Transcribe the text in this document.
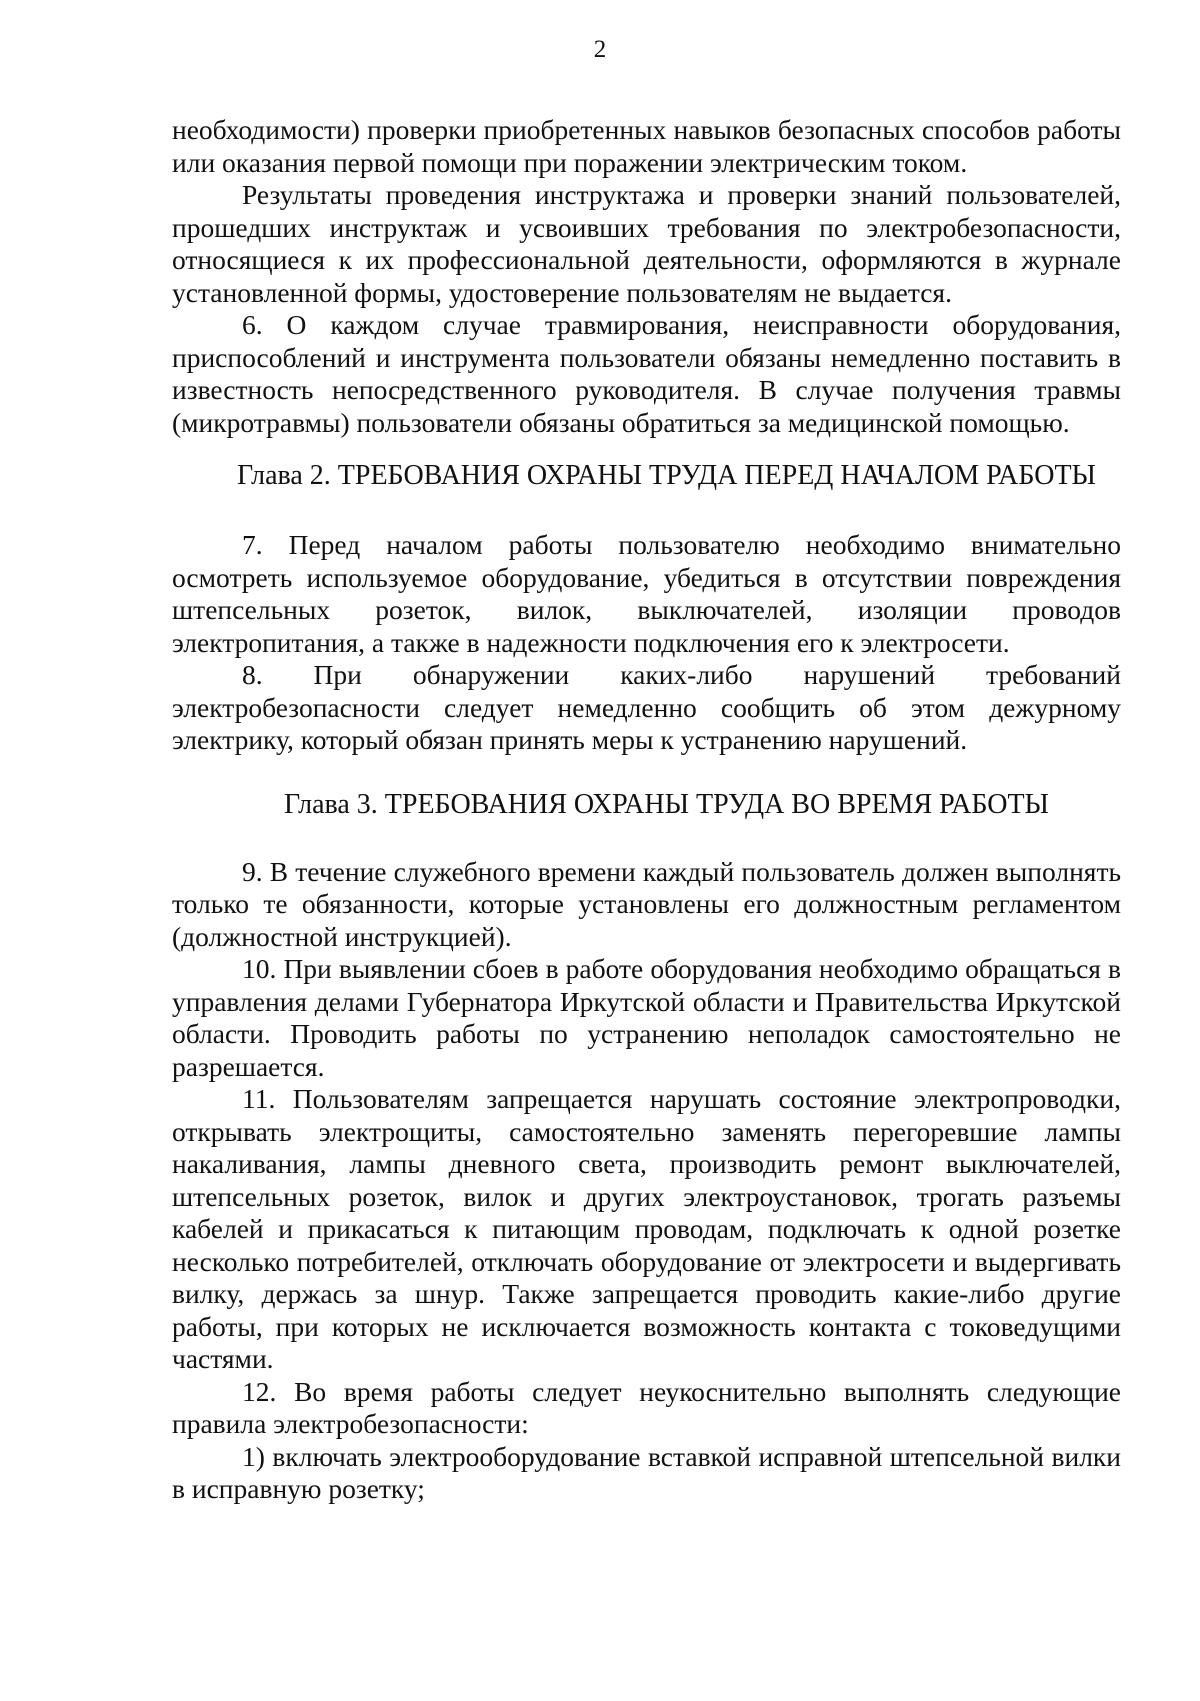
2

необходимости) проверки приобретенных навыков безопасных способов работы или оказания первой помощи при поражении электрическим током.

Результаты проведения инструктажа и проверки знаний пользователей, прошедших инструктаж и усвоивших требования по электробезопасности, относящиеся к их профессиональной деятельности, оформляются в журнале установленной формы, удостоверение пользователям не выдается.

6. О каждом случае травмирования, неисправности оборудования, приспособлений и инструмента пользователи обязаны немедленно поставить в известность непосредственного руководителя. В случае получения травмы (микротравмы) пользователи обязаны обратиться за медицинской помощью.

Глава 2. ТРЕБОВАНИЯ ОХРАНЫ ТРУДА ПЕРЕД НАЧАЛОМ РАБОТЫ

7. Перед началом работы пользователю необходимо внимательно осмотреть используемое оборудование, убедиться в отсутствии повреждения штепсельных розеток, вилок, выключателей, изоляции проводов электропитания, а также в надежности подключения его к электросети.

8. При обнаружении каких-либо нарушений требований электробезопасности следует немедленно сообщить об этом дежурному электрику, который обязан принять меры к устранению нарушений.

Глава 3. ТРЕБОВАНИЯ ОХРАНЫ ТРУДА ВО ВРЕМЯ РАБОТЫ

9. В течение служебного времени каждый пользователь должен выполнять только те обязанности, которые установлены его должностным регламентом (должностной инструкцией).

10. При выявлении сбоев в работе оборудования необходимо обращаться в управления делами Губернатора Иркутской области и Правительства Иркутской области. Проводить работы по устранению неполадок самостоятельно не разрешается.

11. Пользователям запрещается нарушать состояние электропроводки, открывать электрощиты, самостоятельно заменять перегоревшие лампы накаливания, лампы дневного света, производить ремонт выключателей, штепсельных розеток, вилок и других электроустановок, трогать разъемы кабелей и прикасаться к питающим проводам, подключать к одной розетке несколько потребителей, отключать оборудование от электросети и выдергивать вилку, держась за шнур. Также запрещается проводить какие-либо другие работы, при которых не исключается возможность контакта с токоведущими частями.

12. Во время работы следует неукоснительно выполнять следующие правила электробезопасности:

1) включать электрооборудование вставкой исправной штепсельной вилки в исправную розетку;
